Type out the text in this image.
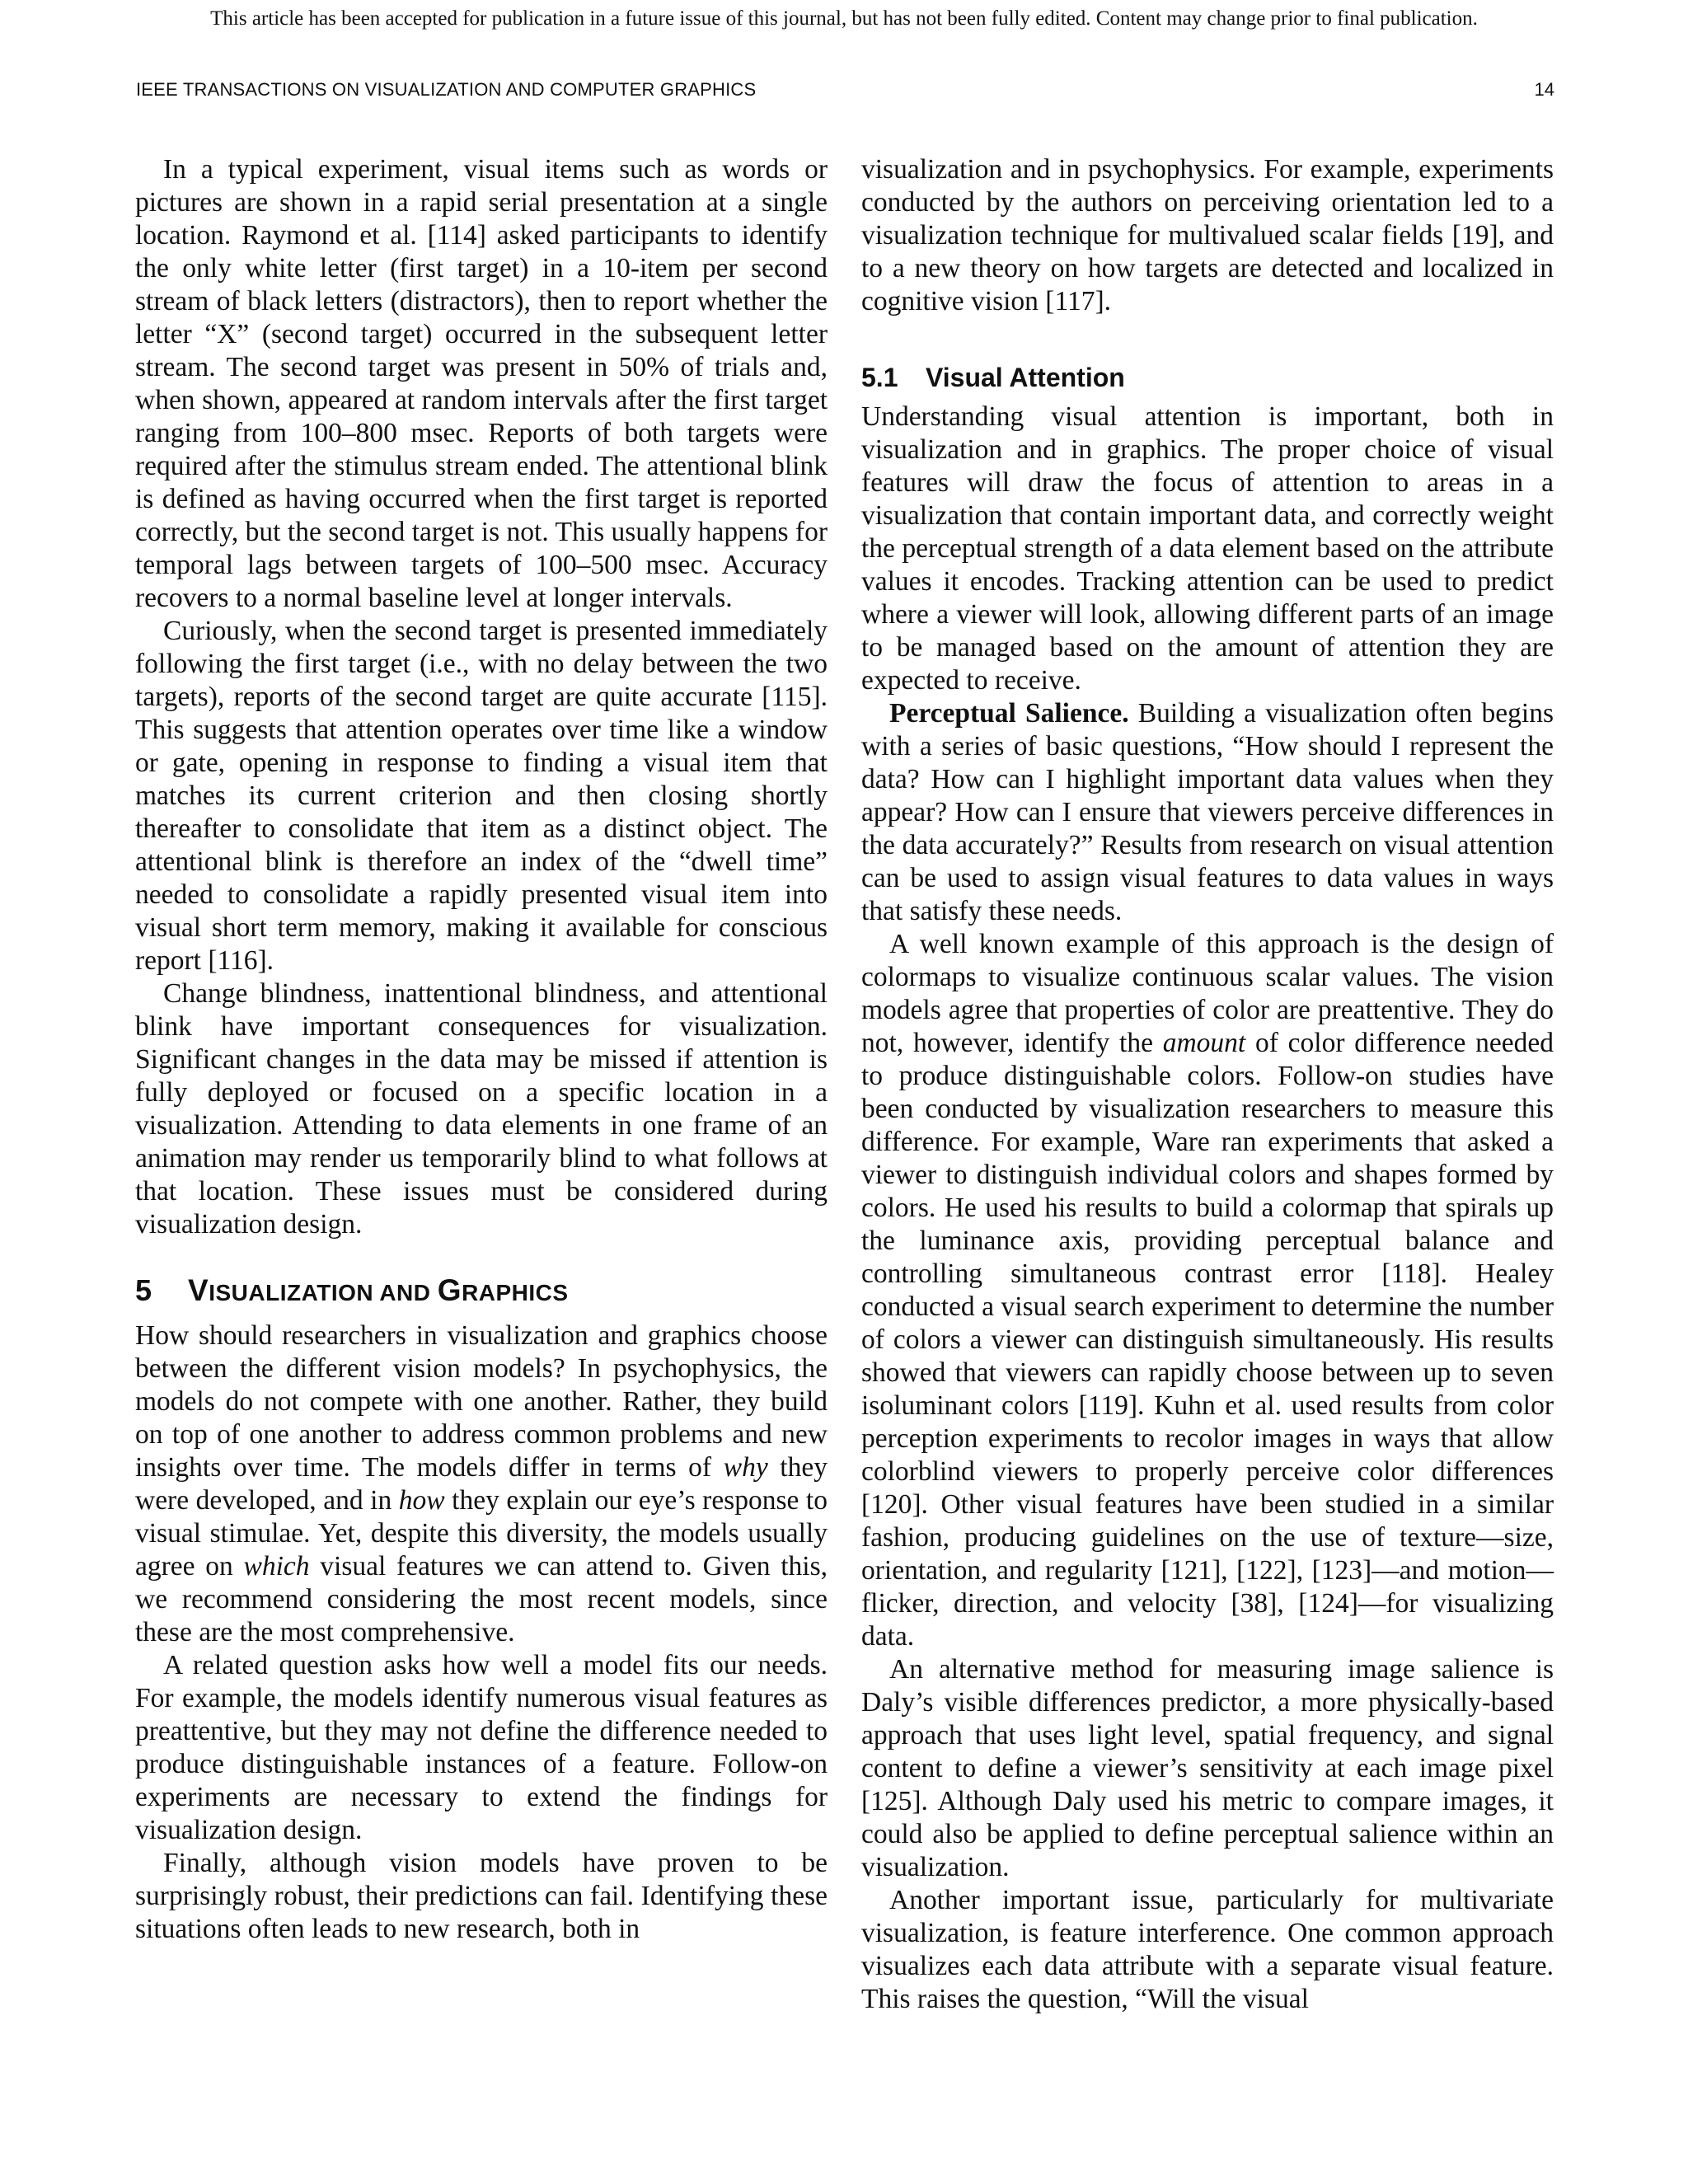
This article has been accepted for publication in a future issue of this journal, but has not been fully edited. Content may change prior to final publication.
IEEE TRANSACTIONS ON VISUALIZATION AND COMPUTER GRAPHICS	14

In a typical experiment, visual items such as words or pictures are shown in a rapid serial presentation at a single location. Raymond et al. [114] asked participants to identify the only white letter (first target) in a 10-item per second stream of black letters (distractors), then to report whether the letter “X” (second target) occurred in the subsequent letter stream. The second target was present in 50% of trials and, when shown, appeared at random intervals after the first target ranging from 100–800 msec. Reports of both targets were required after the stimulus stream ended. The attentional blink is defined as having occurred when the first target is reported correctly, but the second target is not. This usually happens for temporal lags between targets of 100–500 msec. Accuracy recovers to a normal baseline level at longer intervals.

Curiously, when the second target is presented immediately following the first target (i.e., with no delay between the two targets), reports of the second target are quite accurate [115]. This suggests that attention operates over time like a window or gate, opening in response to finding a visual item that matches its current criterion and then closing shortly thereafter to consolidate that item as a distinct object. The attentional blink is therefore an index of the “dwell time” needed to consolidate a rapidly presented visual item into visual short term memory, making it available for conscious report [116].

Change blindness, inattentional blindness, and attentional blink have important consequences for visualization. Significant changes in the data may be missed if attention is fully deployed or focused on a specific location in a visualization. Attending to data elements in one frame of an animation may render us temporarily blind to what follows at that location. These issues must be considered during visualization design.

5 VISUALIZATION AND GRAPHICS

How should researchers in visualization and graphics choose between the different vision models? In psychophysics, the models do not compete with one another. Rather, they build on top of one another to address common problems and new insights over time. The models differ in terms of why they were developed, and in how they explain our eye’s response to visual stimulae. Yet, despite this diversity, the models usually agree on which visual features we can attend to. Given this, we recommend considering the most recent models, since these are the most comprehensive.

A related question asks how well a model fits our needs. For example, the models identify numerous visual features as preattentive, but they may not define the difference needed to produce distinguishable instances of a feature. Follow-on experiments are necessary to extend the findings for visualization design.

Finally, although vision models have proven to be surprisingly robust, their predictions can fail. Identifying these situations often leads to new research, both in

visualization and in psychophysics. For example, experiments conducted by the authors on perceiving orientation led to a visualization technique for multivalued scalar fields [19], and to a new theory on how targets are detected and localized in cognitive vision [117].

5.1 Visual Attention

Understanding visual attention is important, both in visualization and in graphics. The proper choice of visual features will draw the focus of attention to areas in a visualization that contain important data, and correctly weight the perceptual strength of a data element based on the attribute values it encodes. Tracking attention can be used to predict where a viewer will look, allowing different parts of an image to be managed based on the amount of attention they are expected to receive.

Perceptual Salience. Building a visualization often begins with a series of basic questions, “How should I represent the data? How can I highlight important data values when they appear? How can I ensure that viewers perceive differences in the data accurately?” Results from research on visual attention can be used to assign visual features to data values in ways that satisfy these needs.

A well known example of this approach is the design of colormaps to visualize continuous scalar values. The vision models agree that properties of color are preattentive. They do not, however, identify the amount of color difference needed to produce distinguishable colors. Follow-on studies have been conducted by visualization researchers to measure this difference. For example, Ware ran experiments that asked a viewer to distinguish individual colors and shapes formed by colors. He used his results to build a colormap that spirals up the luminance axis, providing perceptual balance and controlling simultaneous contrast error [118]. Healey conducted a visual search experiment to determine the number of colors a viewer can distinguish simultaneously. His results showed that viewers can rapidly choose between up to seven isoluminant colors [119]. Kuhn et al. used results from color perception experiments to recolor images in ways that allow colorblind viewers to properly perceive color differences [120]. Other visual features have been studied in a similar fashion, producing guidelines on the use of texture—size, orientation, and regularity [121], [122], [123]—and motion—flicker, direction, and velocity [38], [124]—for visualizing data.

An alternative method for measuring image salience is Daly’s visible differences predictor, a more physically-based approach that uses light level, spatial frequency, and signal content to define a viewer’s sensitivity at each image pixel [125]. Although Daly used his metric to compare images, it could also be applied to define perceptual salience within an visualization.

Another important issue, particularly for multivariate visualization, is feature interference. One common approach visualizes each data attribute with a separate visual feature. This raises the question, “Will the visual
